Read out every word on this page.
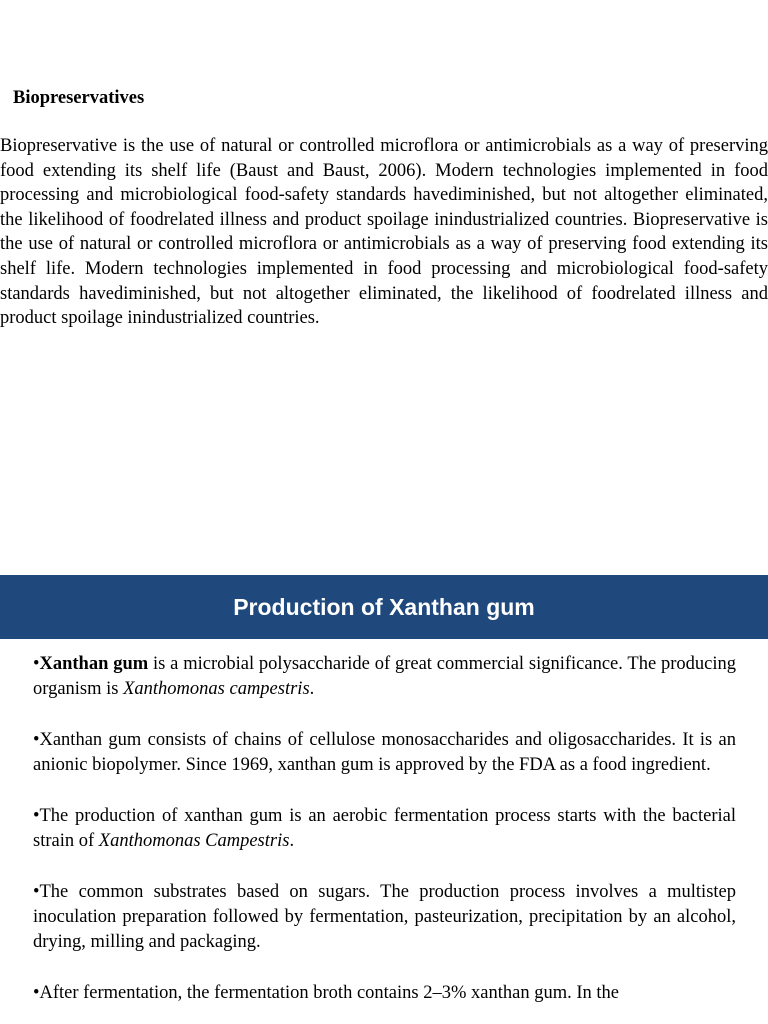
Biopreservatives

Biopreservative is the use of natural or controlled microflora or antimicrobials as a way of preserving food extending its shelf life (Baust and Baust, 2006). Modern technologies implemented in food processing and microbiological food-safety standards havediminished, but not altogether eliminated, the likelihood of foodrelated illness and product spoilage inindustrialized countries. Biopreservative is the use of natural or controlled microflora or antimicrobials as a way of preserving food extending its shelf life. Modern technologies implemented in food processing and microbiological food-safety standards havediminished, but not altogether eliminated, the likelihood of foodrelated illness and product spoilage inindustrialized countries.

Production of Xanthan gum

•Xanthan gum is a microbial polysaccharide of great commercial significance. The producing organism is Xanthomonas campestris.

•Xanthan gum consists of chains of cellulose monosaccharides and oligosaccharides. It is an anionic biopolymer. Since 1969, xanthan gum is approved by the FDA as a food ingredient.

•The production of xanthan gum is an aerobic fermentation process starts with the bacterial strain of Xanthomonas Campestris.

•The common substrates based on sugars. The production process involves a multistep inoculation preparation followed by fermentation, pasteurization, precipitation by an alcohol, drying, milling and packaging.

•After fermentation, the fermentation broth contains 2–3% xanthan gum. In the
